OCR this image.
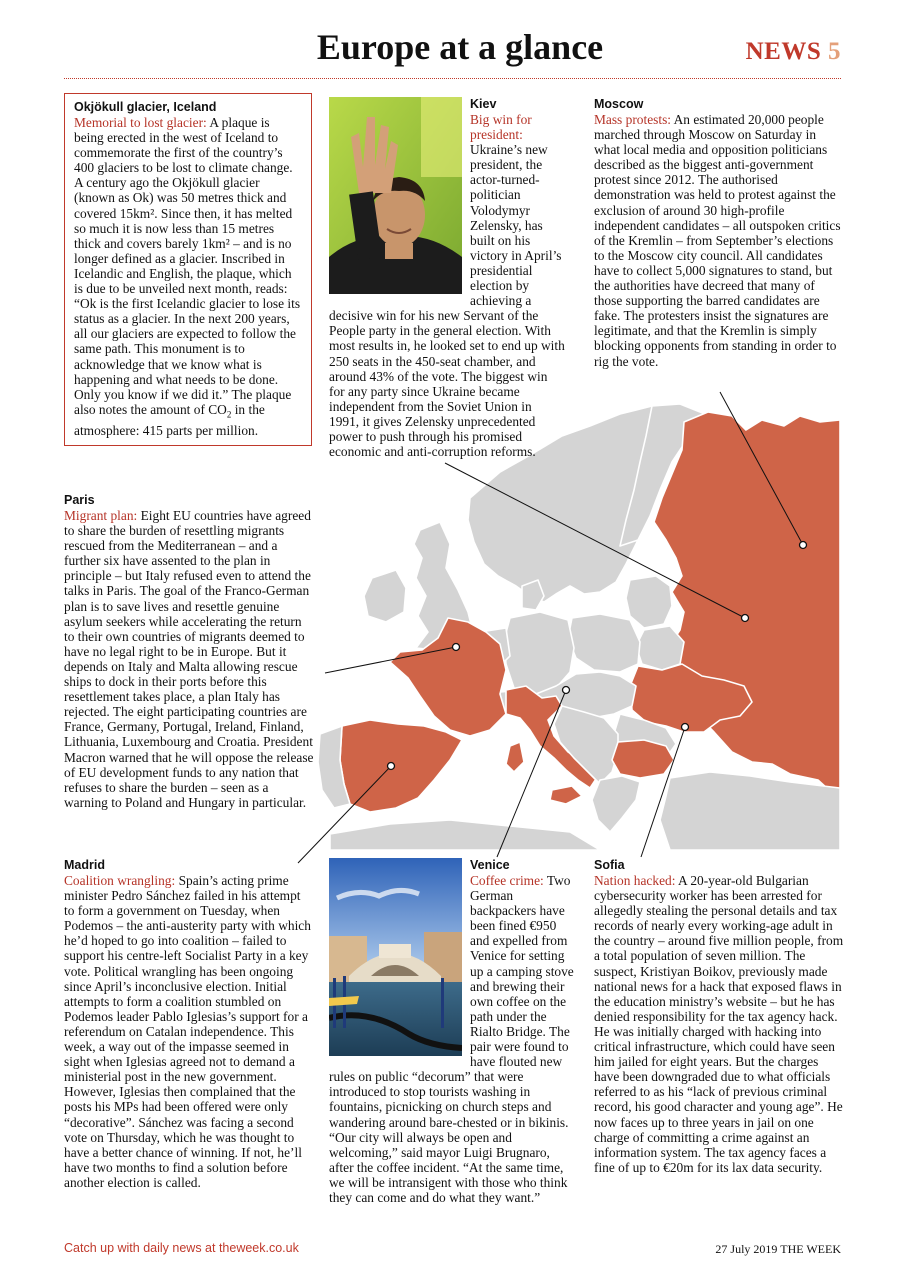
Europe at a glance	NEWS 5
Okjökull glacier, Iceland
Memorial to lost glacier: A plaque is being erected in the west of Iceland to commemorate the first of the country’s 400 glaciers to be lost to climate change. A century ago the Okjökull glacier (known as Ok) was 50 metres thick and covered 15km². Since then, it has melted so much it is now less than 15 metres thick and covers barely 1km² – and is no longer defined as a glacier. Inscribed in Icelandic and English, the plaque, which is due to be unveiled next month, reads: “Ok is the first Icelandic glacier to lose its status as a glacier. In the next 200 years, all our glaciers are expected to follow the same path. This monument is to acknowledge that we know what is happening and what needs to be done. Only you know if we did it.” The plaque also notes the amount of $CO_2$ in the atmosphere: 415 parts per million.
Kiev
Big win for president: Ukraine’s new president, the actor-turned-politician Volodymyr Zelensky, has built on his victory in April’s presidential election by achieving a decisive win for his new Servant of the People party in the general election. With most results in, he looked set to end up with 250 seats in the 450-seat chamber, and around 43% of the vote. The biggest win for any party since Ukraine became independent from the Soviet Union in 1991, it gives Zelensky unprecedented power to push through his promised economic and anti-corruption reforms.
Moscow
Mass protests: An estimated 20,000 people marched through Moscow on Saturday in what local media and opposition politicians described as the biggest anti-government protest since 2012. The authorised demonstration was held to protest against the exclusion of around 30 high-profile independent candidates – all outspoken critics of the Kremlin – from September’s elections to the Moscow city council. All candidates have to collect 5,000 signatures to stand, but the authorities have decreed that many of those supporting the barred candidates are fake. The protesters insist the signatures are legitimate, and that the Kremlin is simply blocking opponents from standing in order to rig the vote.
Paris
Migrant plan: Eight EU countries have agreed to share the burden of resettling migrants rescued from the Mediterranean – and a further six have assented to the plan in principle – but Italy refused even to attend the talks in Paris. The goal of the Franco-German plan is to save lives and resettle genuine asylum seekers while accelerating the return to their own countries of migrants deemed to have no legal right to be in Europe. But it depends on Italy and Malta allowing rescue ships to dock in their ports before this resettlement takes place, a plan Italy has rejected. The eight participating countries are France, Germany, Portugal, Ireland, Finland, Lithuania, Luxembourg and Croatia. President Macron warned that he will oppose the release of EU development funds to any nation that refuses to share the burden – seen as a warning to Poland and Hungary in particular.
Madrid
Coalition wrangling: Spain’s acting prime minister Pedro Sánchez failed in his attempt to form a government on Tuesday, when Podemos – the anti-austerity party with which he’d hoped to go into coalition – failed to support his centre-left Socialist Party in a key vote. Political wrangling has been ongoing since April’s inconclusive election. Initial attempts to form a coalition stumbled on Podemos leader Pablo Iglesias’s support for a referendum on Catalan independence. This week, a way out of the impasse seemed in sight when Iglesias agreed not to demand a ministerial post in the new government. However, Iglesias then complained that the posts his MPs had been offered were only “decorative”. Sánchez was facing a second vote on Thursday, which he was thought to have a better chance of winning. If not, he’ll have two months to find a solution before another election is called.
Venice
Coffee crime: Two German backpackers have been fined €950 and expelled from Venice for setting up a camping stove and brewing their own coffee on the path under the Rialto Bridge. The pair were found to have flouted new rules on public “decorum” that were introduced to stop tourists washing in fountains, picnicking on church steps and wandering around bare-chested or in bikinis. “Our city will always be open and welcoming,” said mayor Luigi Brugnaro, after the coffee incident. “At the same time, we will be intransigent with those who think they can come and do what they want.”
Sofia
Nation hacked: A 20-year-old Bulgarian cybersecurity worker has been arrested for allegedly stealing the personal details and tax records of nearly every working-age adult in the country – around five million people, from a total population of seven million. The suspect, Kristiyan Boikov, previously made national news for a hack that exposed flaws in the education ministry’s website – but he has denied responsibility for the tax agency hack. He was initially charged with hacking into critical infrastructure, which could have seen him jailed for eight years. But the charges have been downgraded due to what officials referred to as his “lack of previous criminal record, his good character and young age”. He now faces up to three years in jail on one charge of committing a crime against an information system. The tax agency faces a fine of up to €20m for its lax data security.
Catch up with daily news at theweek.co.uk	27 July 2019 THE WEEK
